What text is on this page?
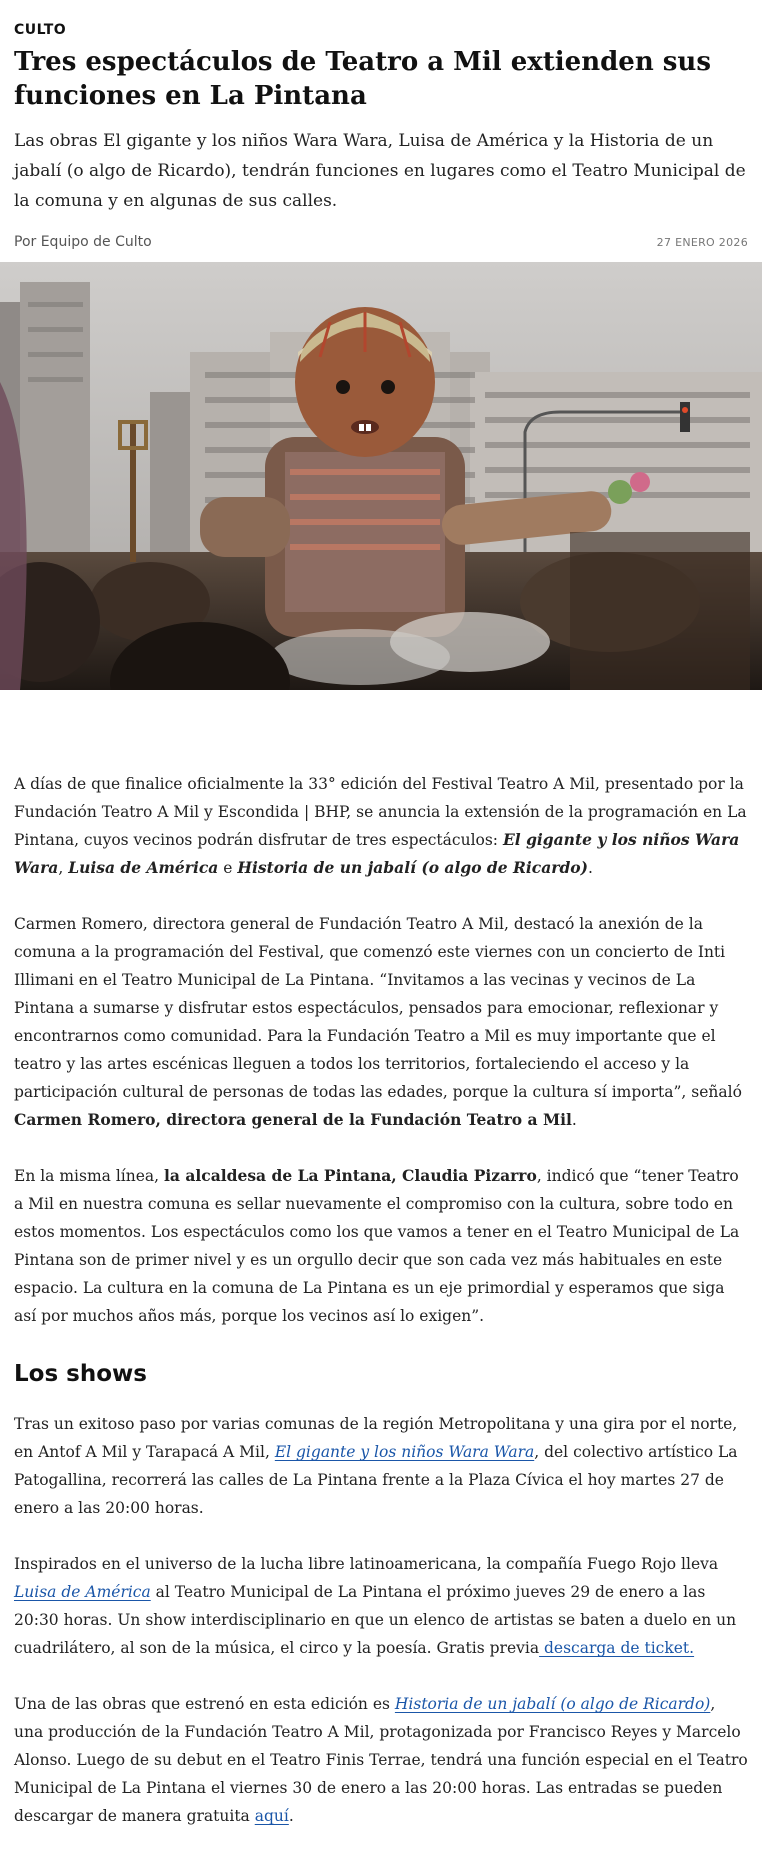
CULTO
Tres espectáculos de Teatro a Mil extienden sus funciones en La Pintana

Las obras El gigante y los niños Wara Wara, Luisa de América y la Historia de un jabalí (o algo de Ricardo), tendrán funciones en lugares como el Teatro Municipal de la comuna y en algunas de sus calles.

Por Equipo de Culto	27 ENERO 2026

A días de que finalice oficialmente la 33° edición del Festival Teatro A Mil, presentado por la Fundación Teatro A Mil y Escondida | BHP, se anuncia la extensión de la programación en La Pintana, cuyos vecinos podrán disfrutar de tres espectáculos: El gigante y los niños Wara Wara, Luisa de América e Historia de un jabalí (o algo de Ricardo).

Carmen Romero, directora general de Fundación Teatro A Mil, destacó la anexión de la comuna a la programación del Festival, que comenzó este viernes con un concierto de Inti Illimani en el Teatro Municipal de La Pintana. “Invitamos a las vecinas y vecinos de La Pintana a sumarse y disfrutar estos espectáculos, pensados para emocionar, reflexionar y encontrarnos como comunidad. Para la Fundación Teatro a Mil es muy importante que el teatro y las artes escénicas lleguen a todos los territorios, fortaleciendo el acceso y la participación cultural de personas de todas las edades, porque la cultura sí importa”, señaló Carmen Romero, directora general de la Fundación Teatro a Mil.

En la misma línea, la alcaldesa de La Pintana, Claudia Pizarro, indicó que “tener Teatro a Mil en nuestra comuna es sellar nuevamente el compromiso con la cultura, sobre todo en estos momentos. Los espectáculos como los que vamos a tener en el Teatro Municipal de La Pintana son de primer nivel y es un orgullo decir que son cada vez más habituales en este espacio. La cultura en la comuna de La Pintana es un eje primordial y esperamos que siga así por muchos años más, porque los vecinos así lo exigen”.

Los shows

Tras un exitoso paso por varias comunas de la región Metropolitana y una gira por el norte, en Antof A Mil y Tarapacá A Mil, El gigante y los niños Wara Wara, del colectivo artístico La Patogallina, recorrerá las calles de La Pintana frente a la Plaza Cívica el hoy martes 27 de enero a las 20:00 horas.

Inspirados en el universo de la lucha libre latinoamericana, la compañía Fuego Rojo lleva Luisa de América al Teatro Municipal de La Pintana el próximo jueves 29 de enero a las 20:30 horas. Un show interdisciplinario en que un elenco de artistas se baten a duelo en un cuadrilátero, al son de la música, el circo y la poesía. Gratis previa descarga de ticket.

Una de las obras que estrenó en esta edición es Historia de un jabalí (o algo de Ricardo), una producción de la Fundación Teatro A Mil, protagonizada por Francisco Reyes y Marcelo Alonso. Luego de su debut en el Teatro Finis Terrae, tendrá una función especial en el Teatro Municipal de La Pintana el viernes 30 de enero a las 20:00 horas. Las entradas se pueden descargar de manera gratuita aquí.
